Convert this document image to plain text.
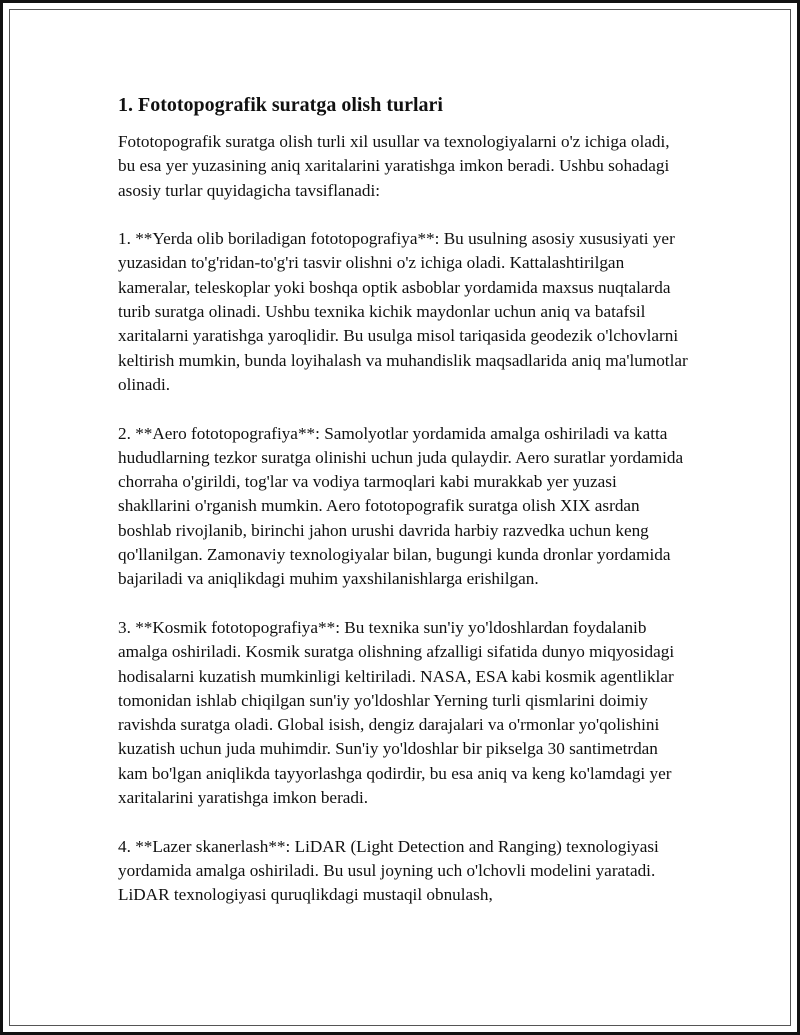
1. Fototopografik suratga olish turlari

Fototopografik suratga olish turli xil usullar va texnologiyalarni o'z ichiga oladi, bu esa yer yuzasining aniq xaritalarini yaratishga imkon beradi. Ushbu sohadagi asosiy turlar quyidagicha tavsiflanadi:

1. **Yerda olib boriladigan fototopografiya**: Bu usulning asosiy xususiyati yer yuzasidan to'g'ridan-to'g'ri tasvir olishni o'z ichiga oladi. Kattalashtirilgan kameralar, teleskoplar yoki boshqa optik asboblar yordamida maxsus nuqtalarda turib suratga olinadi. Ushbu texnika kichik maydonlar uchun aniq va batafsil xaritalarni yaratishga yaroqlidir. Bu usulga misol tariqasida geodezik o'lchovlarni keltirish mumkin, bunda loyihalash va muhandislik maqsadlarida aniq ma'lumotlar olinadi.

2. **Aero fototopografiya**: Samolyotlar yordamida amalga oshiriladi va katta hududlarning tezkor suratga olinishi uchun juda qulaydir. Aero suratlar yordamida chorraha o'girildi, tog'lar va vodiya tarmoqlari kabi murakkab yer yuzasi shakllarini o'rganish mumkin. Aero fototopografik suratga olish XIX asrdan boshlab rivojlanib, birinchi jahon urushi davrida harbiy razvedka uchun keng qo'llanilgan. Zamonaviy texnologiyalar bilan, bugungi kunda dronlar yordamida bajariladi va aniqlikdagi muhim yaxshilanishlarga erishilgan.

3. **Kosmik fototopografiya**: Bu texnika sun'iy yo'ldoshlardan foydalanib amalga oshiriladi. Kosmik suratga olishning afzalligi sifatida dunyo miqyosidagi hodisalarni kuzatish mumkinligi keltiriladi. NASA, ESA kabi kosmik agentliklar tomonidan ishlab chiqilgan sun'iy yo'ldoshlar Yerning turli qismlarini doimiy ravishda suratga oladi. Global isish, dengiz darajalari va o'rmonlar yo'qolishini kuzatish uchun juda muhimdir. Sun'iy yo'ldoshlar bir pikselga 30 santimetrdan kam bo'lgan aniqlikda tayyorlashga qodirdir, bu esa aniq va keng ko'lamdagi yer xaritalarini yaratishga imkon beradi.

4. **Lazer skanerlash**: LiDAR (Light Detection and Ranging) texnologiyasi yordamida amalga oshiriladi. Bu usul joyning uch o'lchovli modelini yaratadi. LiDAR texnologiyasi quruqlikdagi mustaqil obnulash,
